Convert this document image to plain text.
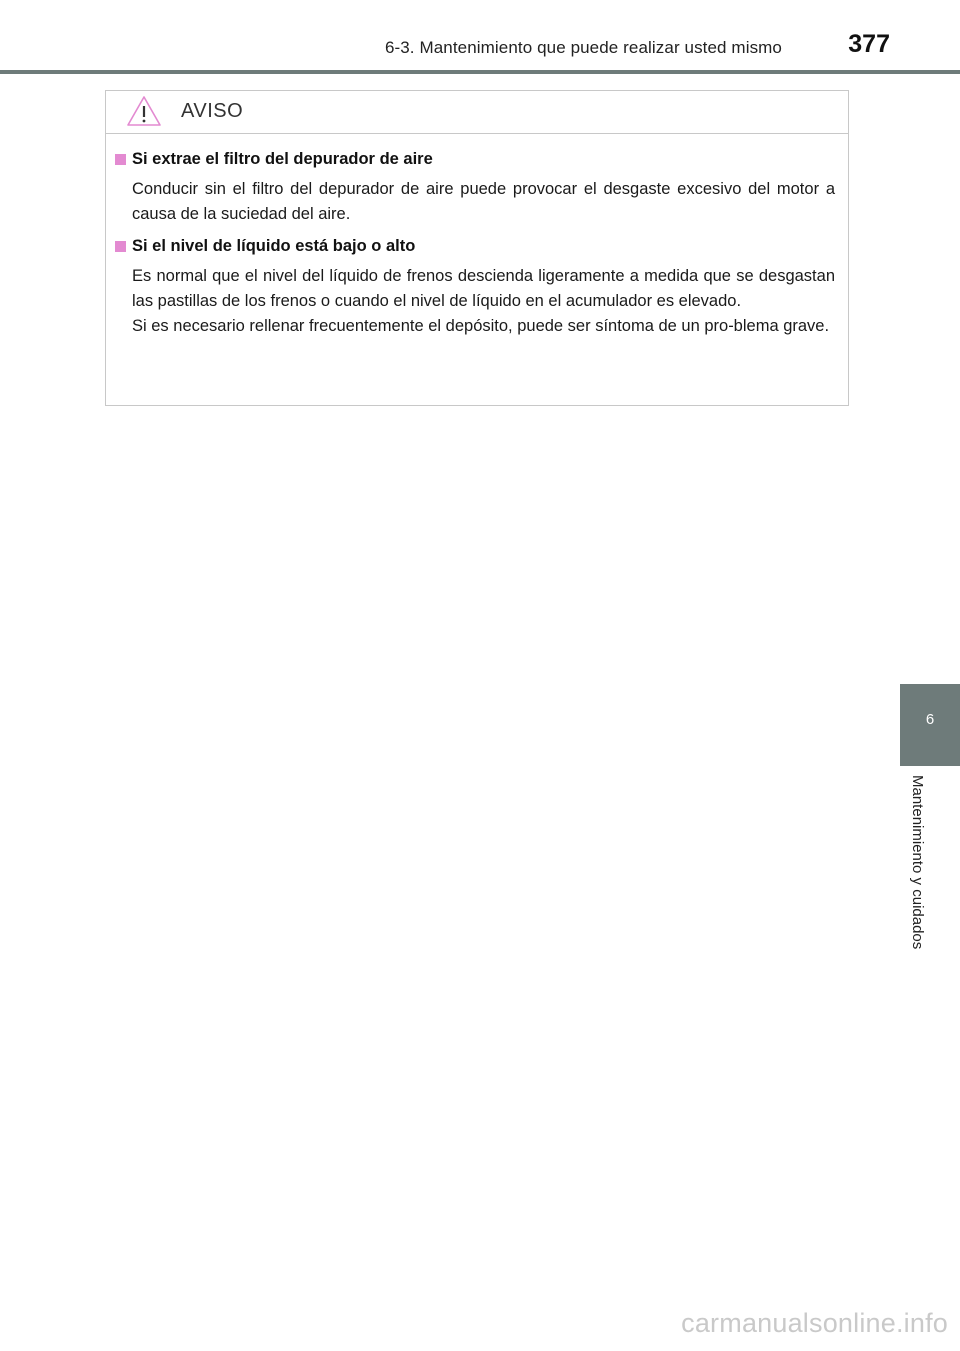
6-3. Mantenimiento que puede realizar usted mismo	377
AVISO
Si extrae el filtro del depurador de aire
Conducir sin el filtro del depurador de aire puede provocar el desgaste excesivo del motor a causa de la suciedad del aire.
Si el nivel de líquido está bajo o alto
Es normal que el nivel del líquido de frenos descienda ligeramente a medida que se desgastan las pastillas de los frenos o cuando el nivel de líquido en el acumulador es elevado.
Si es necesario rellenar frecuentemente el depósito, puede ser síntoma de un pro-blema grave.
6
Mantenimiento y cuidados
carmanualsonline.info
